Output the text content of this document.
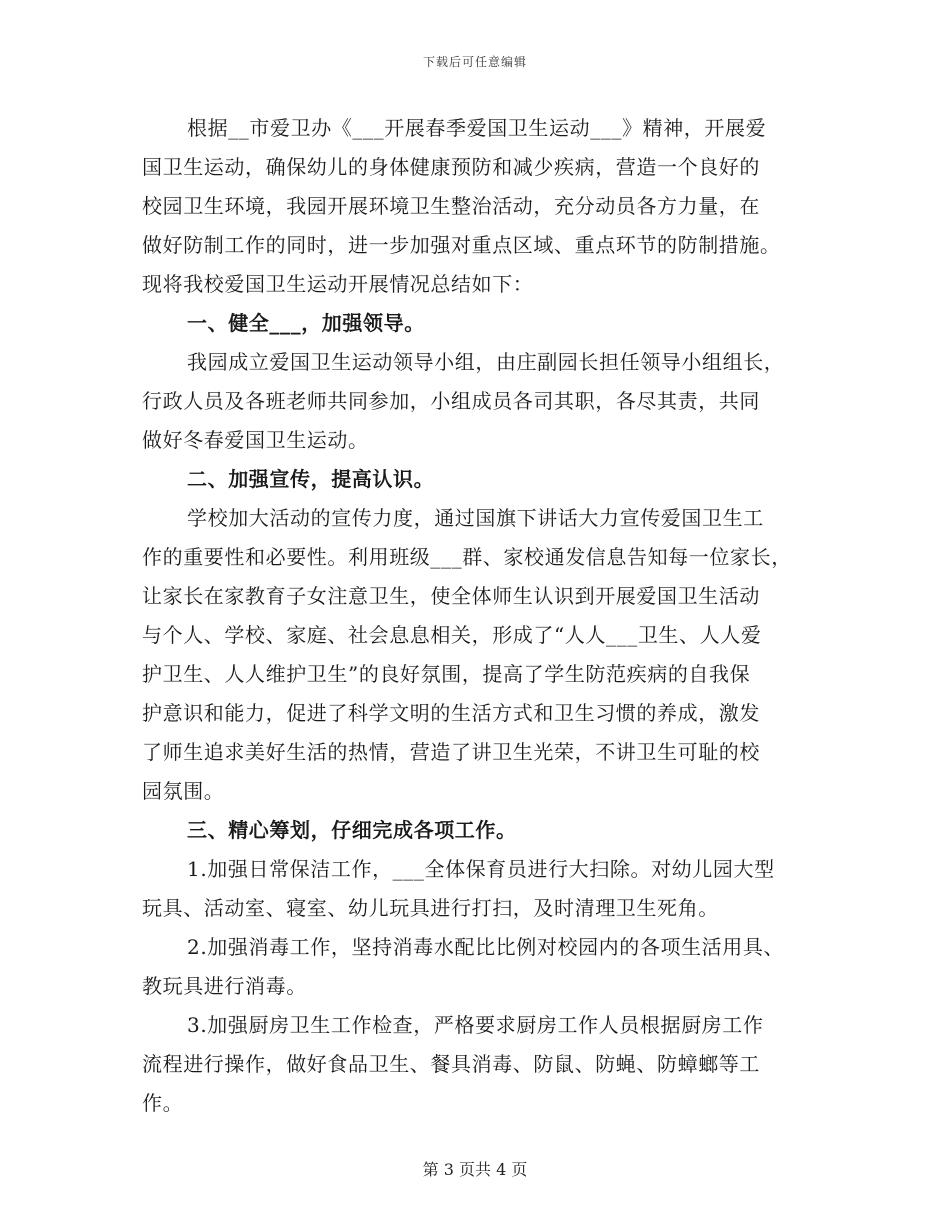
下载后可任意编辑
根据__市爱卫办《___开展春季爱国卫生运动___》精神，开展爱
国卫生运动，确保幼儿的身体健康预防和减少疾病，营造一个良好的
校园卫生环境，我园开展环境卫生整治活动，充分动员各方力量，在
做好防制工作的同时，进一步加强对重点区域、重点环节的防制措施。
现将我校爱国卫生运动开展情况总结如下：
一、健全___，加强领导。
我园成立爱国卫生运动领导小组，由庄副园长担任领导小组组长，
行政人员及各班老师共同参加，小组成员各司其职，各尽其责，共同
做好冬春爱国卫生运动。
二、加强宣传，提高认识。
学校加大活动的宣传力度，通过国旗下讲话大力宣传爱国卫生工
作的重要性和必要性。利用班级___群、家校通发信息告知每一位家长，
让家长在家教育子女注意卫生，使全体师生认识到开展爱国卫生活动
与个人、学校、家庭、社会息息相关，形成了“人人___卫生、人人爱
护卫生、人人维护卫生”的良好氛围，提高了学生防范疾病的自我保
护意识和能力，促进了科学文明的生活方式和卫生习惯的养成，激发
了师生追求美好生活的热情，营造了讲卫生光荣，不讲卫生可耻的校
园氛围。
三、精心筹划，仔细完成各项工作。
1.加强日常保洁工作，___全体保育员进行大扫除。对幼儿园大型
玩具、活动室、寝室、幼儿玩具进行打扫，及时清理卫生死角。
2.加强消毒工作，坚持消毒水配比比例对校园内的各项生活用具、
教玩具进行消毒。
3.加强厨房卫生工作检查，严格要求厨房工作人员根据厨房工作
流程进行操作，做好食品卫生、餐具消毒、防鼠、防蝇、防蟑螂等工
作。
第 3 页共 4 页
